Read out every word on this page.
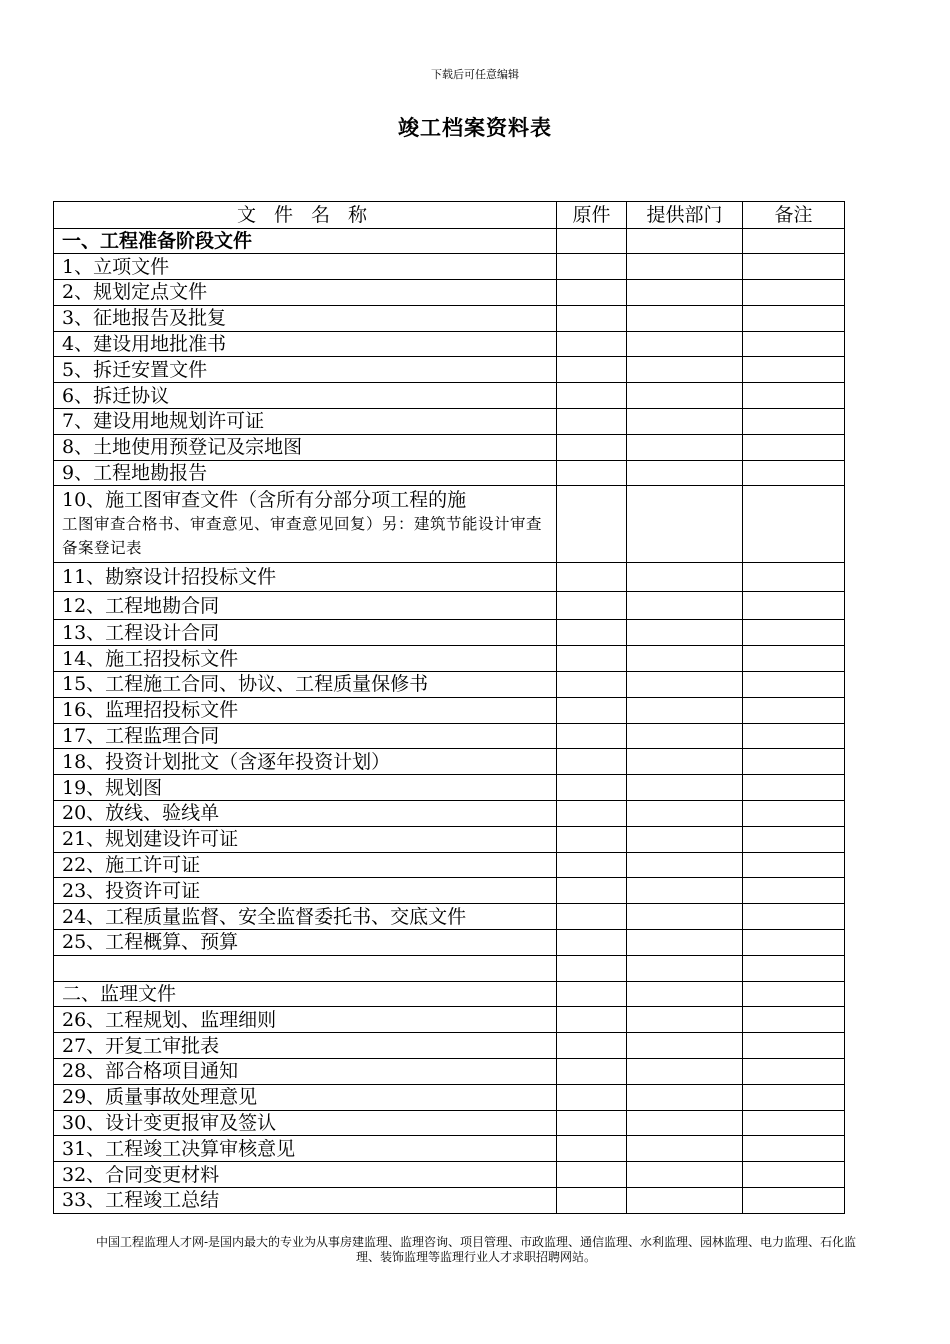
下载后可任意编辑
竣工档案资料表
文 件 名 称	原件	提供部门	备注
一、工程准备阶段文件			
1、立项文件			
2、规划定点文件			
3、征地报告及批复			
4、建设用地批准书			
5、拆迁安置文件			
6、拆迁协议			
7、建设用地规划许可证			
8、土地使用预登记及宗地图			
9、工程地勘报告			

10、施工图审查文件（含所有分部分项工程的施
工图审查合格书、审查意见、审查意见回复）另：建筑节能设计审查备案登记表			

11、勘察设计招投标文件			
12、工程地勘合同			
13、工程设计合同			
14、施工招投标文件			
15、工程施工合同、协议、工程质量保修书			
16、监理招投标文件			
17、工程监理合同			
18、投资计划批文（含逐年投资计划）			
19、规划图			
20、放线、验线单			
21、规划建设许可证			
22、施工许可证			
23、投资许可证			
24、工程质量监督、安全监督委托书、交底文件			
25、工程概算、预算			

二、监理文件			
26、工程规划、监理细则			
27、开复工审批表			
28、部合格项目通知			
29、质量事故处理意见			
30、设计变更报审及签认			
31、工程竣工决算审核意见			
32、合同变更材料			
33、工程竣工总结			
中国工程监理人才网-是国内最大的专业为从事房建监理、监理咨询、项目管理、市政监理、通信监理、水利监理、园林监理、电力监理、石化监理、装饰监理等监理行业人才求职招聘网站。
